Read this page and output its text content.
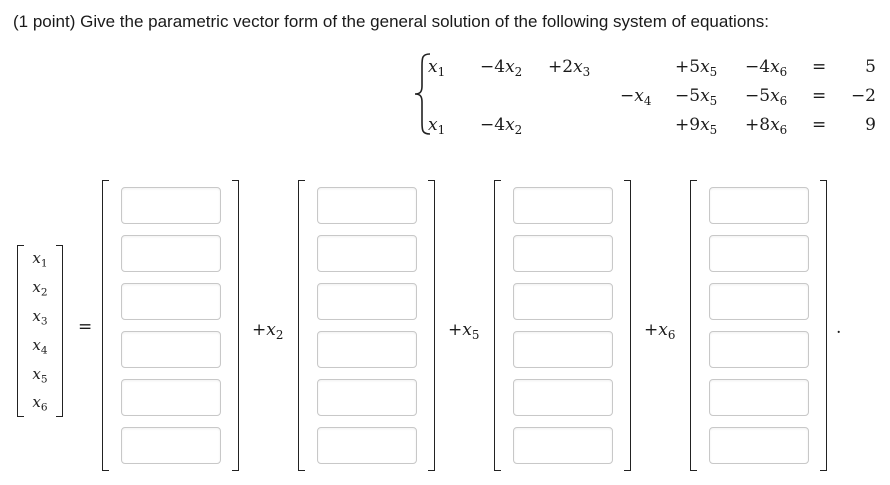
(1 point) Give the parametric vector form of the general solution of the following system of equations:
$x_1 -4x_2 +2x_3$	$+5x_5 -4x_6 = 5$
$-x_4 -5x_5 -5x_6 = -2$
$x_1 -4x_2$	$+9x_5 +8x_6 = 9$
$x_1$
$x_2$
$x_3$
$x_4$
$x_5$
$x_6$
=	$+x_2$	$+x_5$	$+x_6$	.
